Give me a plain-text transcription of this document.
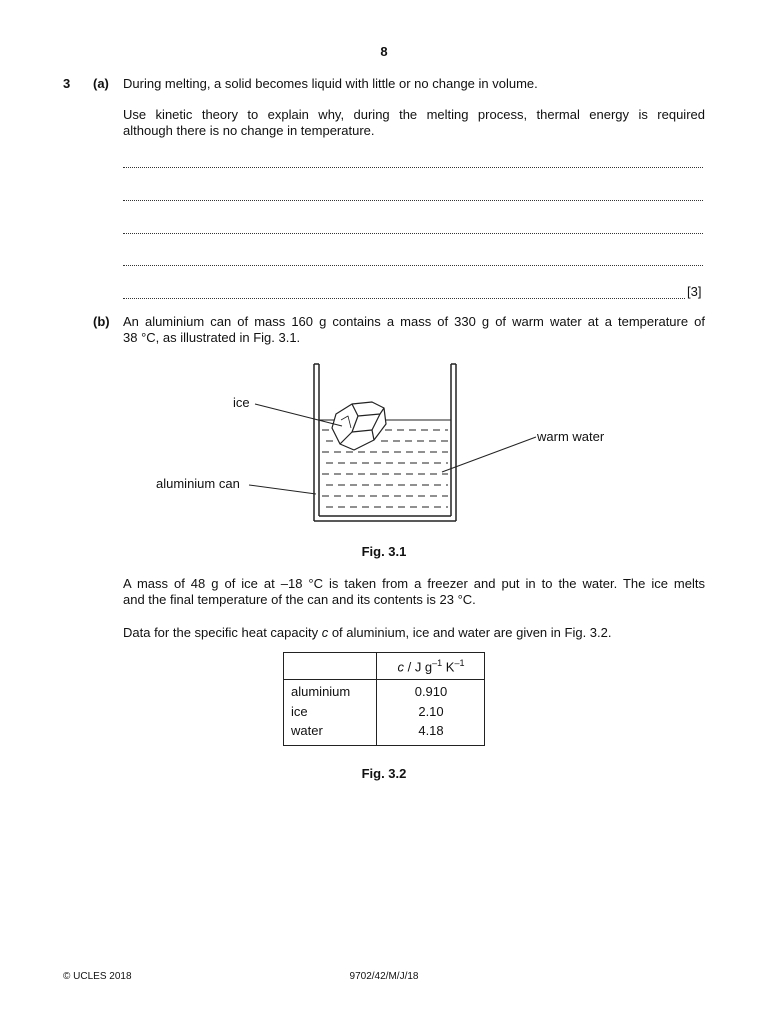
8
3 (a) During melting, a solid becomes liquid with little or no change in volume.
Use kinetic theory to explain why, during the melting process, thermal energy is required
although there is no change in temperature.
[3]
(b) An aluminium can of mass 160 g contains a mass of 330 g of warm water at a temperature of
38 °C, as illustrated in Fig. 3.1.
ice
warm water
aluminium can
Fig. 3.1
A mass of 48 g of ice at –18 °C is taken from a freezer and put in to the water. The ice melts
and the final temperature of the can and its contents is 23 °C.
Data for the specific heat capacity c of aluminium, ice and water are given in Fig. 3.2.
c / J $g^{-1}$ $K^{-1}$
aluminium	0.910
ice	2.10
water	4.18
Fig. 3.2
© UCLES 2018	9702/42/M/J/18
